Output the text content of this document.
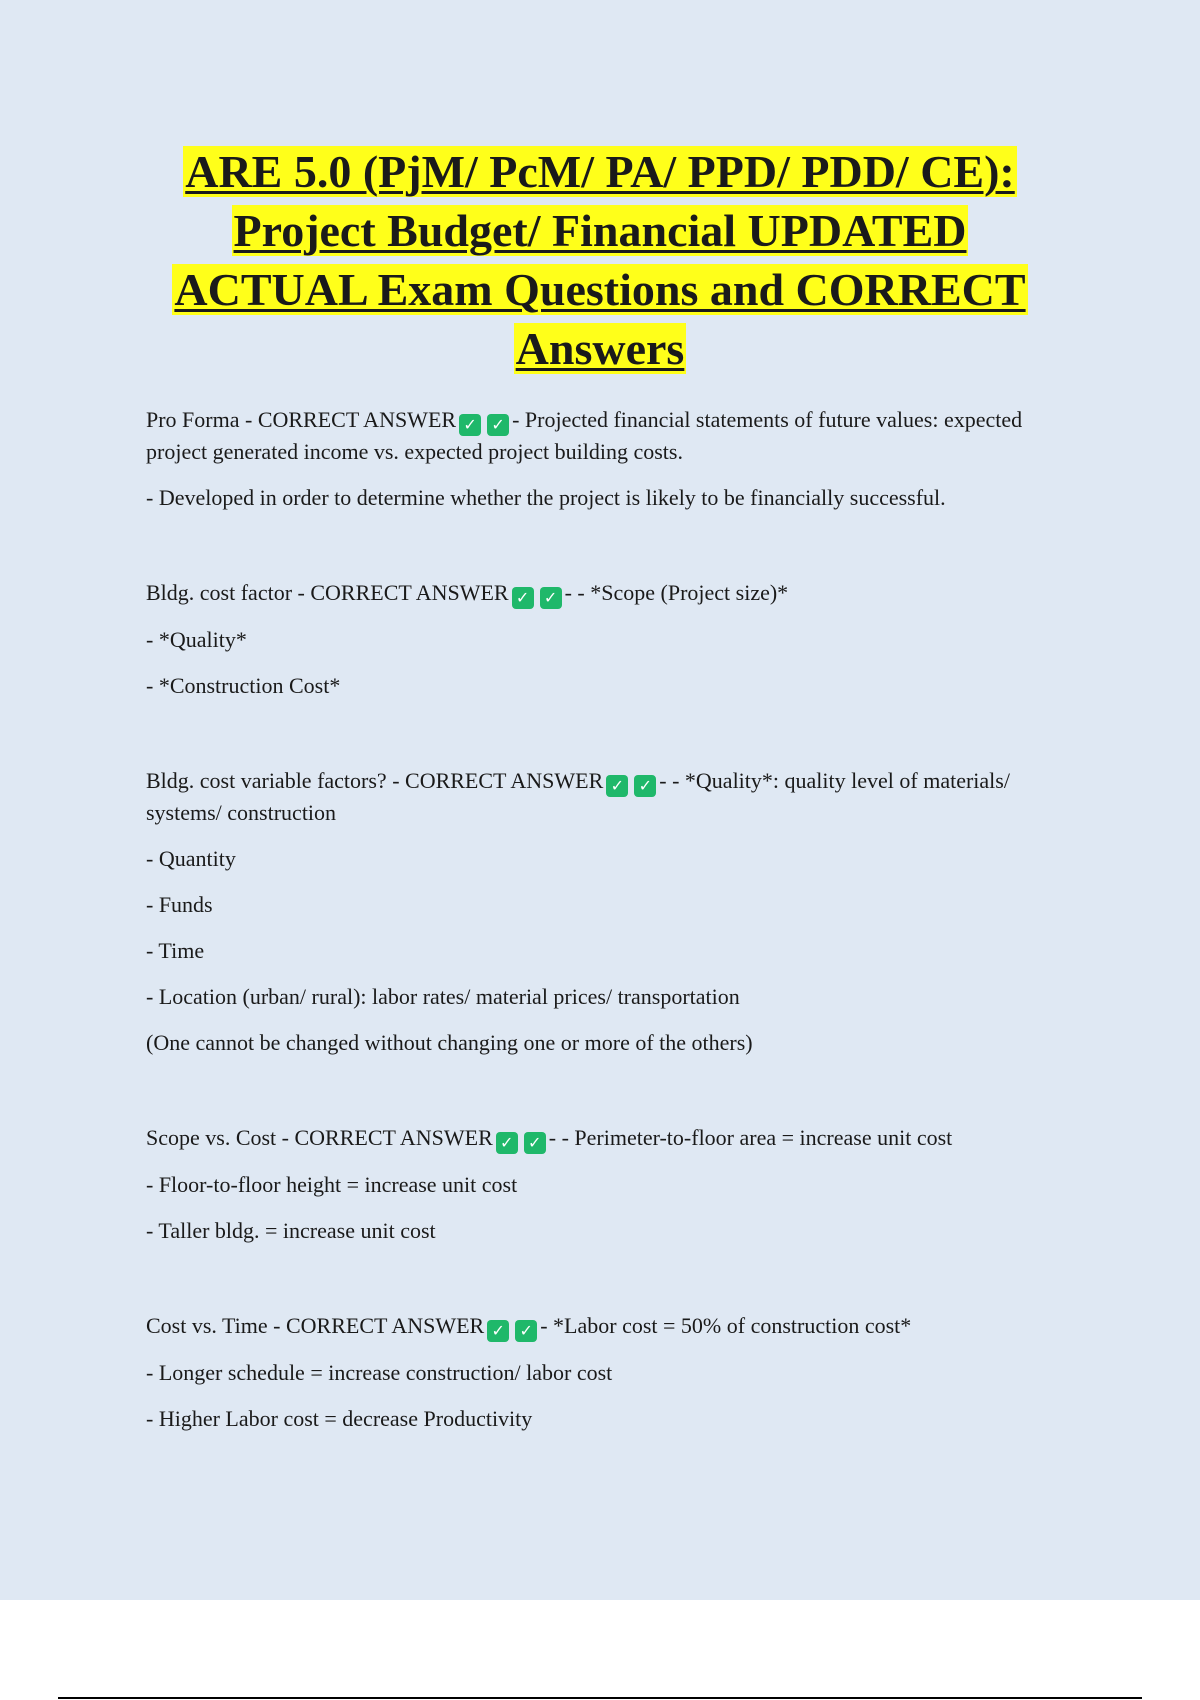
ARE 5.0 (PjM/ PcM/ PA/ PPD/ PDD/ CE):
Project Budget/ Financial UPDATED
ACTUAL Exam Questions and CORRECT
Answers
Pro Forma - CORRECT ANSWER ✓ ✓ - Projected financial statements of future values: expected project generated income vs. expected project building costs.
- Developed in order to determine whether the project is likely to be financially successful.
Bldg. cost factor - CORRECT ANSWER ✓ ✓ - - *Scope (Project size)*
- *Quality*
- *Construction Cost*
Bldg. cost variable factors? - CORRECT ANSWER ✓ ✓ - - *Quality*: quality level of materials/ systems/ construction
- Quantity
- Funds
- Time
- Location (urban/ rural): labor rates/ material prices/ transportation
(One cannot be changed without changing one or more of the others)
Scope vs. Cost - CORRECT ANSWER ✓ ✓ - - Perimeter-to-floor area = increase unit cost
- Floor-to-floor height = increase unit cost
- Taller bldg. = increase unit cost
Cost vs. Time - CORRECT ANSWER ✓ ✓ - *Labor cost = 50% of construction cost*
- Longer schedule = increase construction/ labor cost
- Higher Labor cost = decrease Productivity
